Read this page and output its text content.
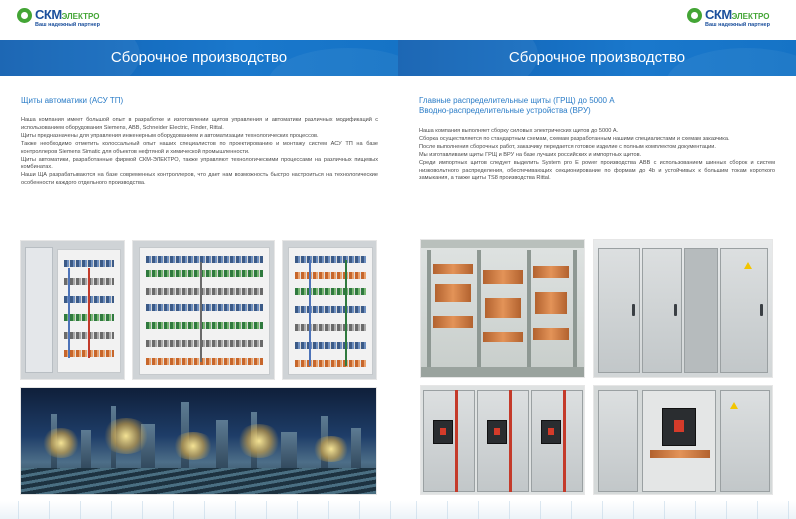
СКМЭЛЕКТРО
Ваш надежный партнер
Сборочное производство
Щиты автоматики (АСУ ТП)

Наша компания имеет большой опыт в разработке и изготовлении щитов управления и автоматики различных модификаций с использованием оборудования Siemens, ABB, Schneider Electric, Finder, Rittal.

Щиты предназначены для управления инженерным оборудованием и автоматизации технологических процессов.

Также необходимо отметить колоссальный опыт наших специалистов по проектированию и монтажу систем АСУ ТП на базе контроллеров Siemens Simatic для объектов нефтяной и химической промышленности.

Щиты автоматики, разработанные фирмой СКМ-ЭЛЕКТРО, также управляют технологическими процессами на различных пищевых комбинатах.

Наши ЩА разрабатываются на базе современных контроллеров, что дает нам возможность быстро настроиться на технологические особенности каждого отдельного производства.

СКМЭЛЕКТРО
Ваш надежный партнер
Сборочное производство
Главные распределительные щиты (ГРЩ) до 5000 А
Вводно-распределительные устройства (ВРУ)

Наша компания выполняет сборку силовых электрических щитов до 5000 А.

Сборка осуществляется по стандартным схемам, схемам разработанным нашими специалистами и схемам заказчика.

После выполнения сборочных работ, заказчику передается готовое изделие с полным комплектом документации.

Мы изготавливаем щиты ГРЩ и ВРУ на базе лучших российских и импортных щитов.

Среди импортных щитов следует выделить System pro E power производства ABB с использованием шинных сборок и систем низковольтного распределения, обеспечивающих секционирование по формам до 4b и устойчивых к большим токам короткого замыкания, а также щиты TS8 производства Rittal.
